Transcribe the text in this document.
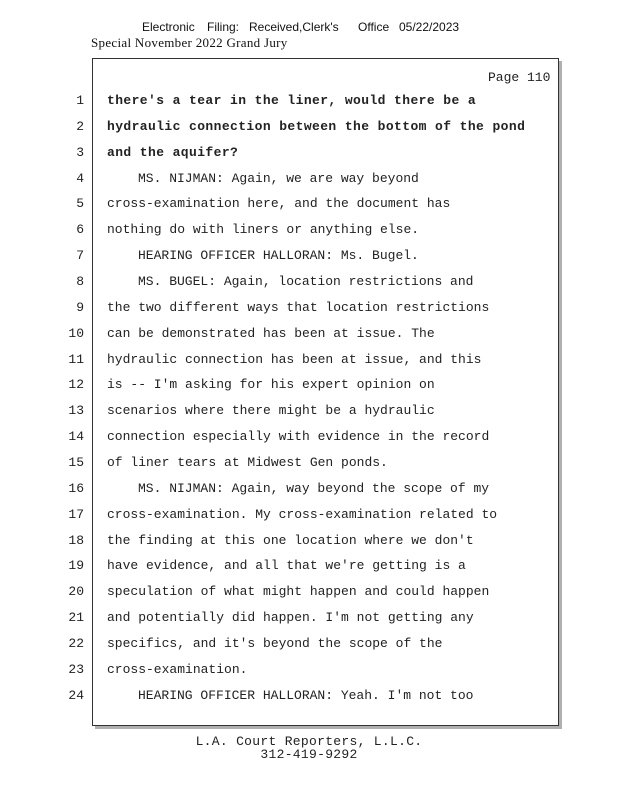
Electronic Filing: Received,Clerk's Office 05/22/2023
Special November 2022 Grand Jury
Page 110
1 there's a tear in the liner, would there be a
2 hydraulic connection between the bottom of the pond
3 and the aquifer?
4	MS. NIJMAN: Again, we are way beyond
5 cross-examination here, and the document has
6 nothing do with liners or anything else.
7	HEARING OFFICER HALLORAN: Ms. Bugel.
8	MS. BUGEL: Again, location restrictions and
9 the two different ways that location restrictions
10 can be demonstrated has been at issue. The
11 hydraulic connection has been at issue, and this
12 is -- I'm asking for his expert opinion on
13 scenarios where there might be a hydraulic
14 connection especially with evidence in the record
15 of liner tears at Midwest Gen ponds.
16	MS. NIJMAN: Again, way beyond the scope of my
17 cross-examination. My cross-examination related to
18 the finding at this one location where we don't
19 have evidence, and all that we're getting is a
20 speculation of what might happen and could happen
21 and potentially did happen. I'm not getting any
22 specifics, and it's beyond the scope of the
23 cross-examination.
24	HEARING OFFICER HALLORAN: Yeah. I'm not too
L.A. Court Reporters, L.L.C.
312-419-9292
